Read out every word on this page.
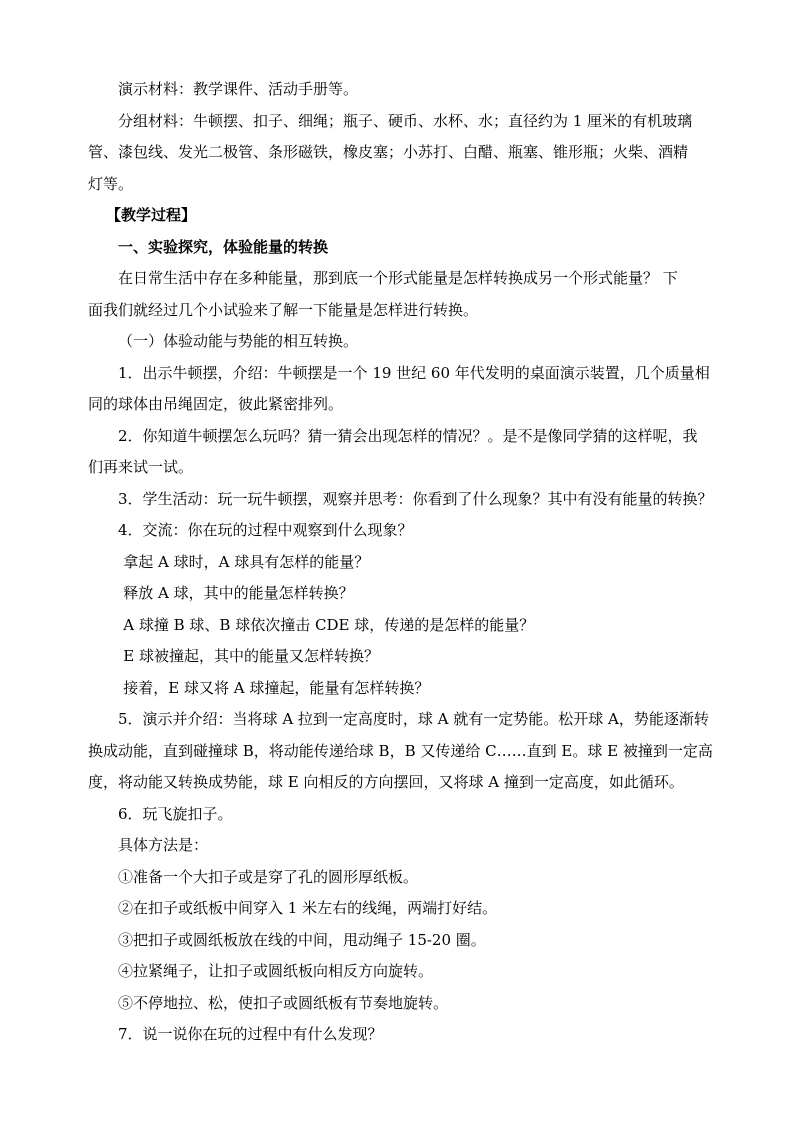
演示材料：教学课件、活动手册等。

分组材料：牛顿摆、扣子、细绳；瓶子、硬币、水杯、水；直径约为 1 厘米的有机玻璃
管、漆包线、发光二极管、条形磁铁，橡皮塞；小苏打、白醋、瓶塞、锥形瓶；火柴、酒精
灯等。

【教学过程】

一、实验探究，体验能量的转换

在日常生活中存在多种能量，那到底一个形式能量是怎样转换成另一个形式能量？ 下
面我们就经过几个小试验来了解一下能量是怎样进行转换。

（一）体验动能与势能的相互转换。

1．出示牛顿摆，介绍：牛顿摆是一个 19 世纪 60 年代发明的桌面演示装置，几个质量相
同的球体由吊绳固定，彼此紧密排列。
2．你知道牛顿摆怎么玩吗？猜一猜会出现怎样的情况？。是不是像同学猜的这样呢，我
们再来试一试。

3．学生活动：玩一玩牛顿摆，观察并思考：你看到了什么现象？其中有没有能量的转换？

4．交流：你在玩的过程中观察到什么现象？

拿起 A 球时，A 球具有怎样的能量？

释放 A 球，其中的能量怎样转换？

A 球撞 B 球、B 球依次撞击 CDE 球，传递的是怎样的能量？

E 球被撞起，其中的能量又怎样转换？

接着，E 球又将 A 球撞起，能量有怎样转换？

5．演示并介绍：当将球 A 拉到一定高度时，球 A 就有一定势能。松开球 A，势能逐渐转
换成动能，直到碰撞球 B，将动能传递给球 B，B 又传递给 C……直到 E。球 E 被撞到一定高
度，将动能又转换成势能，球 E 向相反的方向摆回，又将球 A 撞到一定高度，如此循环。

6．玩飞旋扣子。

具体方法是：

①准备一个大扣子或是穿了孔的圆形厚纸板。

②在扣子或纸板中间穿入 1 米左右的线绳，两端打好结。

③把扣子或圆纸板放在线的中间，甩动绳子 15-20 圈。

④拉紧绳子，让扣子或圆纸板向相反方向旋转。

⑤不停地拉、松，使扣子或圆纸板有节奏地旋转。

7．说一说你在玩的过程中有什么发现？
